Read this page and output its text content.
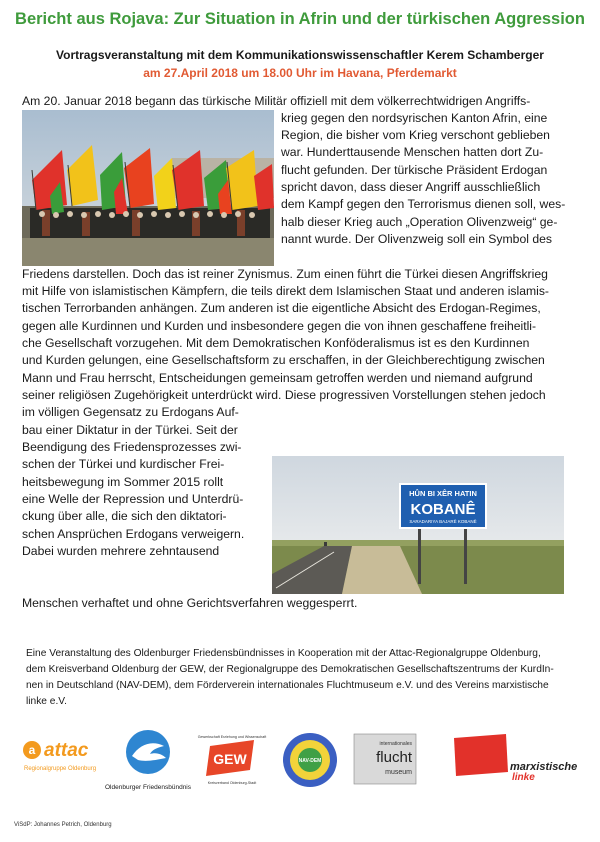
Bericht aus Rojava: Zur Situation in Afrin und der türkischen Aggression
Vortragsveranstaltung mit dem Kommunikationswissenschaftler Kerem Schamberger
am 27.April 2018 um 18.00 Uhr im Havana, Pferdemarkt
HÛN BI XÊR HATIN
KOBANÊ
SARADARIYA BAJARÊ KOBANÊ
Am 20. Januar 2018 begann das türkische Militär offiziell mit dem völkerrechtwidrigen Angriffs-
krieg gegen den nordsyrischen Kanton Afrin, eine
Region, die bisher vom Krieg verschont geblieben
war. Hunderttausende Menschen hatten dort Zu-
flucht gefunden. Der türkische Präsident Erdogan
spricht davon, dass dieser Angriff ausschließlich
dem Kampf gegen den Terrorismus dienen soll, wes-
halb dieser Krieg auch „Operation Olivenzweig“ ge-
nannt wurde. Der Olivenzweig soll ein Symbol des
Friedens darstellen. Doch das ist reiner Zynismus. Zum einen führt die Türkei diesen Angriffskrieg
mit Hilfe von islamistischen Kämpfern, die teils direkt dem Islamischen Staat und anderen islamis-
tischen Terrorbanden anhängen. Zum anderen ist die eigentliche Absicht des Erdogan-Regimes,
gegen alle Kurdinnen und Kurden und insbesondere gegen die von ihnen geschaffene freiheitli-
che Gesellschaft vorzugehen. Mit dem Demokratischen Konföderalismus ist es den Kurdinnen
und Kurden gelungen, eine Gesellschaftsform zu erschaffen, in der Gleichberechtigung zwischen
Mann und Frau herrscht, Entscheidungen gemeinsam getroffen werden und niemand aufgrund
seiner religiösen Zugehörigkeit unterdrückt wird. Diese progressiven Vorstellungen stehen jedoch
im völligen Gegensatz zu Erdogans Auf-
bau einer Diktatur in der Türkei. Seit der
Beendigung des Friedensprozesses zwi-
schen der Türkei und kurdischer Frei-
heitsbewegung im Sommer 2015 rollt
eine Welle der Repression und Unterdrü-
ckung über alle, die sich den diktatori-
schen Ansprüchen Erdogans verweigern.
Dabei wurden mehrere zehntausend
Menschen verhaftet und ohne Gerichtsverfahren weggesperrt.
Eine Veranstaltung des Oldenburger Friedensbündnisses in Kooperation mit der Attac-Regionalgruppe Oldenburg,
dem Kreisverband Oldenburg der GEW, der Regionalgruppe des Demokratischen Gesellschaftszentrums der KurdIn-
nen in Deutschland (NAV-DEM), dem Förderverein internationales Fluchtmuseum e.V. und des Vereins marxistische
linke e.V.
a attac
Regionalgruppe Oldenburg
Oldenburger Friedensbündnis
Gewerkschaft Erziehung und Wissenschaft
GEW
Kreisverband Oldenburg-Stadt
NAV-DEM
internationales
flucht
museum	marxistische
linke
ViSdP: Johannes Petrich, Oldenburg
